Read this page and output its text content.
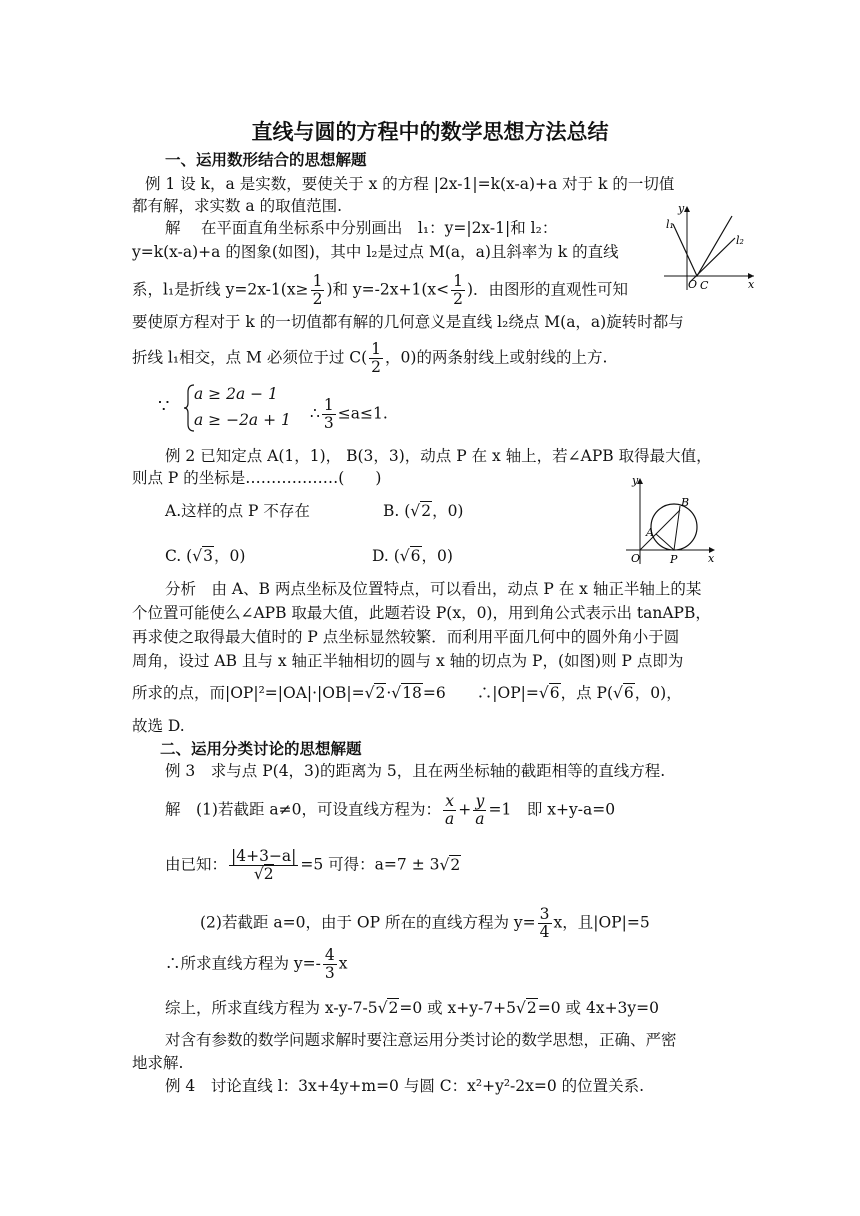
直线与圆的方程中的数学思想方法总结
一、运用数形结合的思想解题
例 1 设 k，a 是实数，要使关于 x 的方程 |2x-1|=k(x-a)+a 对于 k 的一切值
都有解，求实数 a 的取值范围.
解　 在平面直角坐标系中分别画出　l₁：y=|2x-1|和 l₂：
y=k(x-a)+a 的图象(如图)，其中 l₂是过点 M(a，a)且斜率为 k 的直线
系，l₁是折线 $y=2x-1(x\ge \frac{1}{2}$ )和 $y=-2x+1(x< \frac{1}{2}$ )．由图形的直观性可知
要使原方程对于 k 的一切值都有解的几何意义是直线 l₂绕点 M(a，a)旋转时都与
折线 l₁相交，点 M 必须位于过 $C( \frac{1}{2}$ ，0)的两条射线上或射线的上方.
∵
a ≥ 2a − 1
a ≥ −2a + 1 ∴ $\frac{1}{3} \le a\le 1$.
y
l₁
l₂
O C	x
例 2 已知定点 A(1，1)， B(3，3)，动点 P 在 x 轴上，若∠APB 取得最大值，
则点 P 的坐标是………………(　　)
A.这样的点 P 不存在	B. (√2，0)
C. (√3，0)	D. (√6，0)
y
B
A
O	P	x
分析　由 A、B 两点坐标及位置特点，可以看出，动点 P 在 x 轴正半轴上的某
个位置可能使么∠APB 取最大值，此题若设 P(x，0)，用到角公式表示出 tanAPB，
再求使之取得最大值时的 P 点坐标显然较繁．而利用平面几何中的圆外角小于圆
周角，设过 AB 且与 x 轴正半轴相切的圆与 x 轴的切点为 P，(如图)则 P 点即为
所求的点，而|OP|²=|OA|·|OB|=√2·√18=6　　∴|OP|=√6，点 P(√6，0)，
故选 D.
二、运用分类讨论的思想解题
例 3　求与点 P(4，3)的距离为 5，且在两坐标轴的截距相等的直线方程.
解　(1)若截距 a≠0，可设直线方程为： $\frac{x}{a} + \frac{y}{a} =1$　即 x+y-a=0
由已知： $\frac{|4+3-a|}{√2} =5$ 可得：a=7 ± 3√2
(2)若截距 a=0，由于 OP 所在的直线方程为 $y= \frac{3}{4}$ x，且|OP|=5
∴所求直线方程为 $y=- \frac{4}{3}$ x
综上，所求直线方程为 x-y-7-5√2=0 或 x+y-7+5√2=0 或 4x+3y=0
对含有参数的数学问题求解时要注意运用分类讨论的数学思想，正确、严密
地求解.
例 4　讨论直线 l：3x+4y+m=0 与圆 C：x²+y²-2x=0 的位置关系.
